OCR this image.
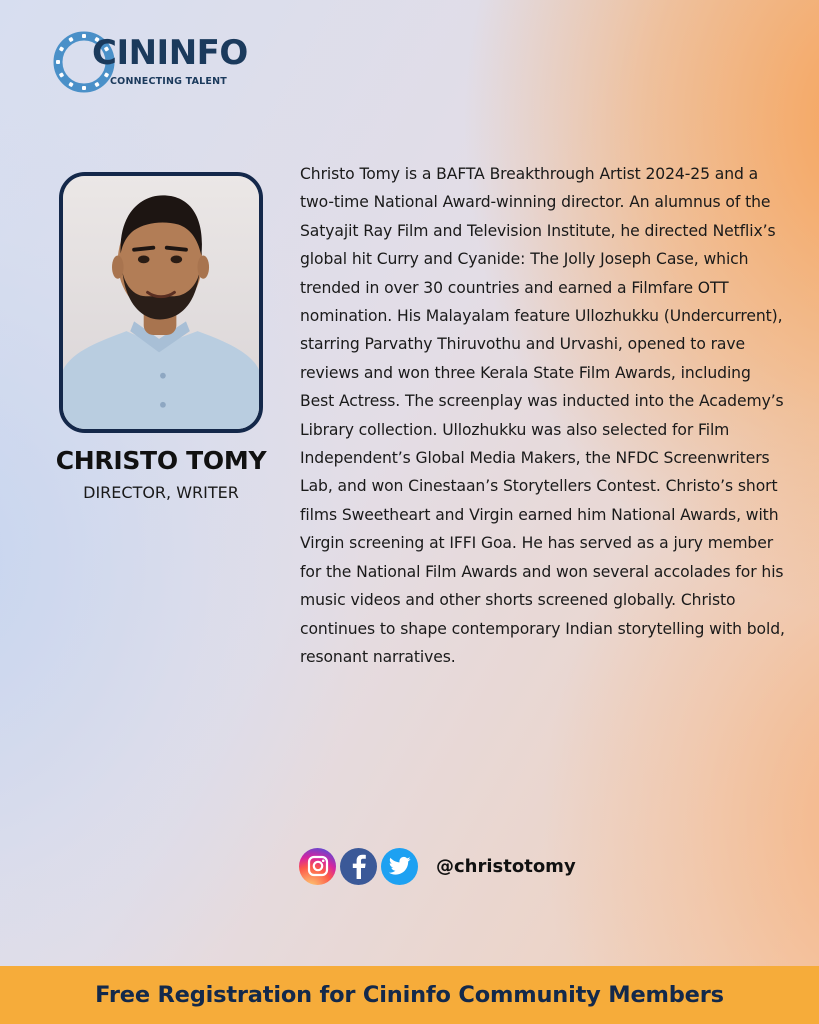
CININFO
CONNECTING TALENT
CHRISTO TOMY
DIRECTOR, WRITER
Christo Tomy is a BAFTA Breakthrough Artist 2024-25 and a two-time National Award-winning director. An alumnus of the Satyajit Ray Film and Television Institute, he directed Netflix’s global hit Curry and Cyanide: The Jolly Joseph Case, which trended in over 30 countries and earned a Filmfare OTT nomination. His Malayalam feature Ullozhukku (Undercurrent), starring Parvathy Thiruvothu and Urvashi, opened to rave reviews and won three Kerala State Film Awards, including Best Actress. The screenplay was inducted into the Academy’s Library collection. Ullozhukku was also selected for Film Independent’s Global Media Makers, the NFDC Screenwriters Lab, and won Cinestaan’s Storytellers Contest. Christo’s short films Sweetheart and Virgin earned him National Awards, with Virgin screening at IFFI Goa. He has served as a jury member for the National Film Awards and won several accolades for his music videos and other shorts screened globally. Christo continues to shape contemporary Indian storytelling with bold, resonant narratives.
@christotomy
Free Registration for Cininfo Community Members
